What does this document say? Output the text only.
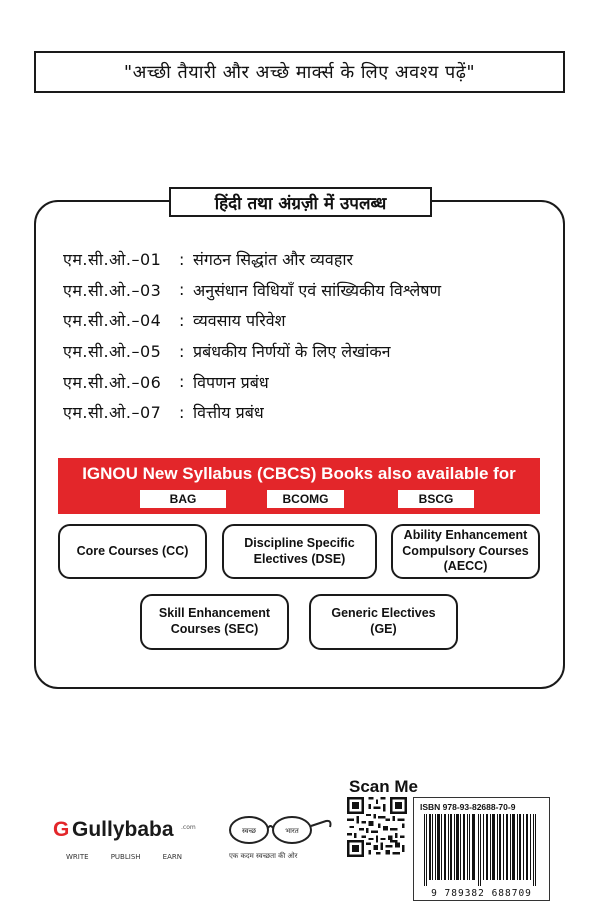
"अच्छी तैयारी और अच्छे मार्क्स के लिए अवश्य पढ़ें"
हिंदी तथा अंग्रज़ी में उपलब्ध
एम.सी.ओ.–01	: संगठन सिद्धांत और व्यवहार
एम.सी.ओ.–03	: अनुसंधान विधियाँ एवं सांख्यिकीय विश्लेषण
एम.सी.ओ.–04	: व्यवसाय परिवेश
एम.सी.ओ.–05	: प्रबंधकीय निर्णयों के लिए लेखांकन
एम.सी.ओ.–06	: विपणन प्रबंध
एम.सी.ओ.–07	: वित्तीय प्रबंध
IGNOU New Syllabus (CBCS) Books also available for
BAG	BCOMG	BSCG
Core Courses (CC)
Discipline Specific
Electives (DSE)
Ability Enhancement
Compulsory Courses
(AECC)
Skill Enhancement
Courses (SEC)
Generic Electives
(GE)
G Gullybaba .com
WRITE	PUBLISH	EARN
स्वच्छ	भारत
एक कदम स्वच्छता की ओर
Scan Me
ISBN 978-93-82688-70-9
9 789382 688709
